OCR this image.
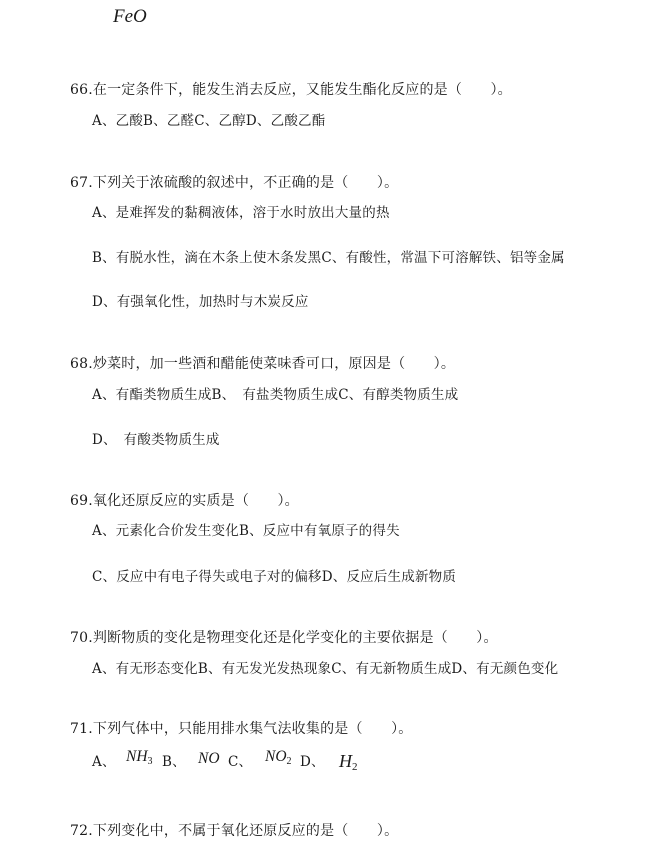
FeO
66.在一定条件下，能发生消去反应，又能发生酯化反应的是（　　）。
A、乙酸B、乙醛C、乙醇D、乙酸乙酯
67.下列关于浓硫酸的叙述中，不正确的是（　　）。
A、是难挥发的黏稠液体，溶于水时放出大量的热
B、有脱水性，滴在木条上使木条发黑C、有酸性，常温下可溶解铁、铝等金属
D、有强氧化性，加热时与木炭反应
68.炒菜时，加一些酒和醋能使菜味香可口，原因是（　　）。
A、有酯类物质生成B、　有盐类物质生成C、有醇类物质生成
D、　有酸类物质生成
69.氧化还原反应的实质是（　　）。
A、元素化合价发生变化B、反应中有氧原子的得失
C、反应中有电子得失或电子对的偏移D、反应后生成新物质
70.判断物质的变化是物理变化还是化学变化的主要依据是（　　）。
A、有无形态变化B、有无发光发热现象C、有无新物质生成D、有无颜色变化
71.下列气体中，只能用排水集气法收集的是（　　）。
A、 $NH_3$ B、 NO C、 $NO_2$ D、 $H_2$
72.下列变化中，不属于氧化还原反应的是（　　）。
